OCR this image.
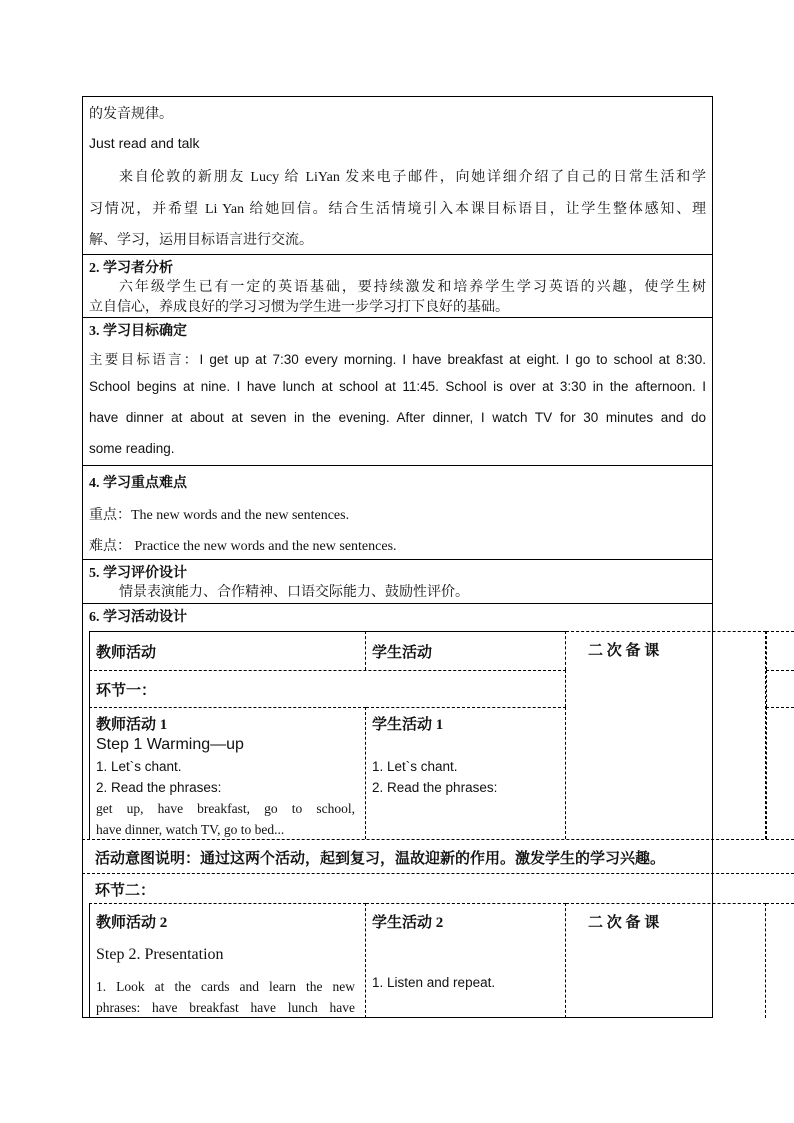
的发音规律。
Just read and talk
来自伦敦的新朋友 Lucy 给 LiYan 发来电子邮件，向她详细介绍了自己的日常生活和学
习情况，并希望 Li Yan 给她回信。结合生活情境引入本课目标语目，让学生整体感知、理
解、学习，运用目标语言进行交流。
2. 学习者分析
六年级学生已有一定的英语基础，要持续激发和培养学生学习英语的兴趣，使学生树
立自信心，养成良好的学习习惯为学生进一步学习打下良好的基础。
3. 学习目标确定
主要目标语言：I get up at 7:30 every morning. I have breakfast at eight. I go to school at 8:30.
School begins at nine. I have lunch at school at 11:45. School is over at 3:30 in the afternoon. I
have dinner at about at seven in the evening. After dinner, I watch TV for 30 minutes and do
some reading.
4. 学习重点难点
重点：The new words and the new sentences.
难点： Practice the new words and the new sentences.
5. 学习评价设计
情景表演能力、合作精神、口语交际能力、鼓励性评价。
6. 学习活动设计
教师活动	学生活动	二 次 备 课
环节一：
教师活动 1
Step 1 Warming—up
1. Let`s chant.
2. Read the phrases:
get up, have breakfast, go to school,
have dinner, watch TV, go to bed...
学生活动 1
1. Let`s chant.
2. Read the phrases:
活动意图说明：通过这两个活动，起到复习，温故迎新的作用。激发学生的学习兴趣。
环节二：
教师活动 2
Step 2. Presentation
1. Look at the cards and learn the new
phrases: have breakfast have lunch have
学生活动 2
1. Listen and repeat.
二 次 备 课
